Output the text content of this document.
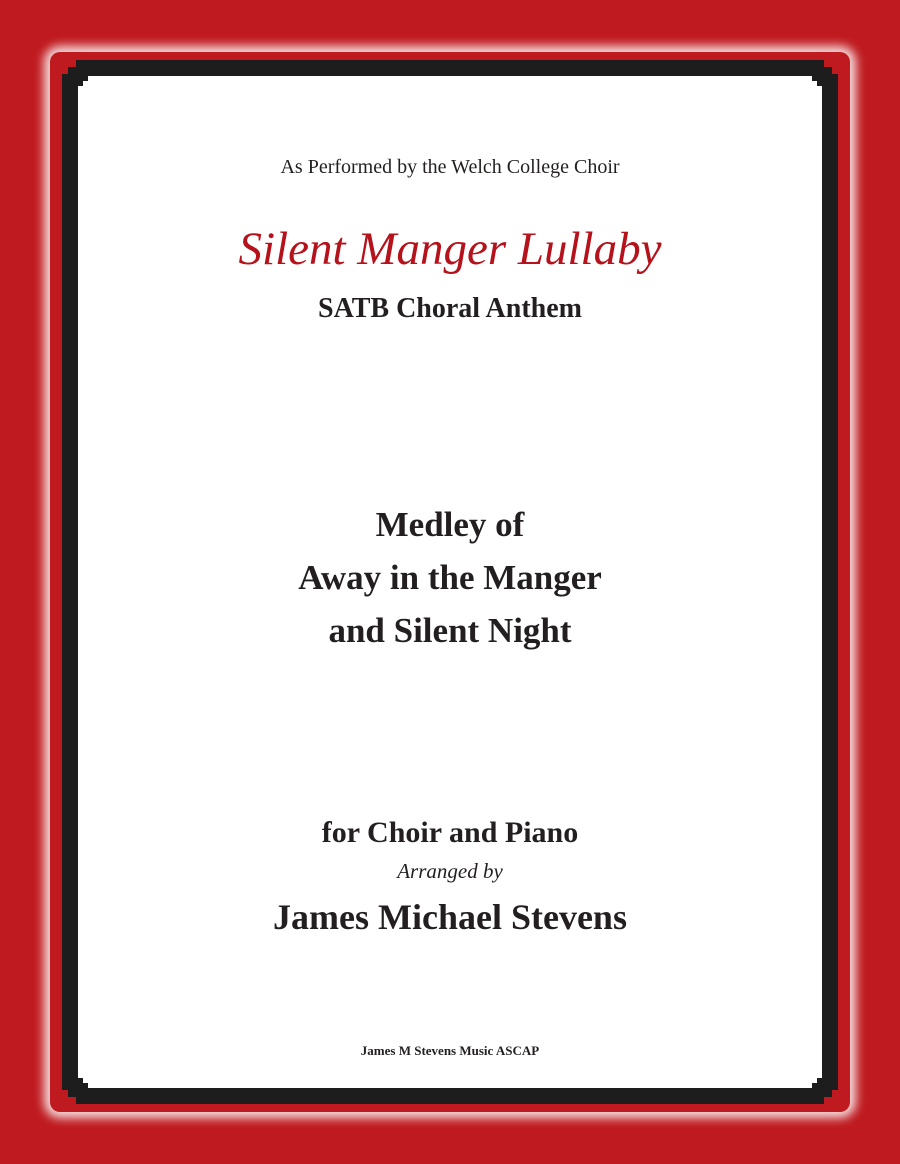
As Performed by the Welch College Choir
Silent Manger Lullaby
SATB Choral Anthem
Medley of
Away in the Manger
and Silent Night
for Choir and Piano
Arranged by
James Michael Stevens
James M Stevens Music ASCAP
